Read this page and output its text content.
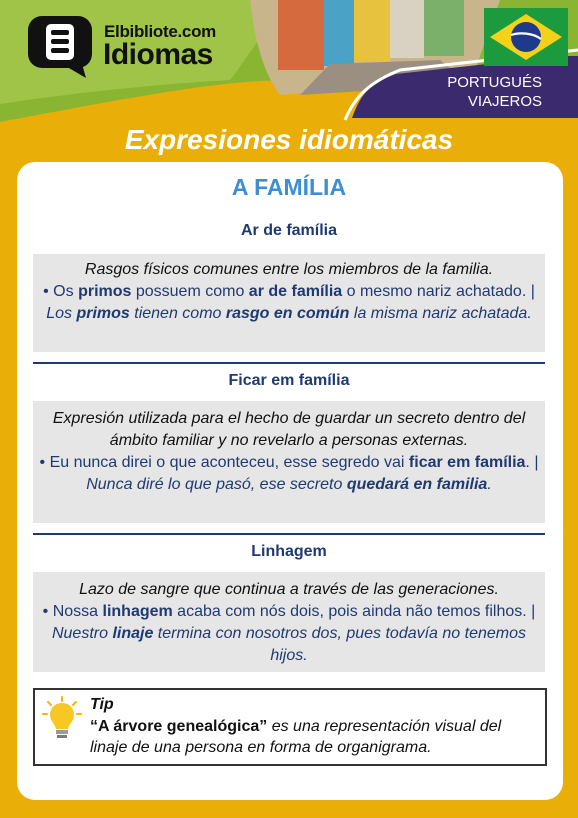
Elbibliote.com
Idiomas
PORTUGUÉS
VIAJEROS
Expresiones idiomáticas
A FAMÍLIA
Ar de família
Rasgos físicos comunes entre los miembros de la familia.
• Os primos possuem como ar de família o mesmo nariz achatado. | Los primos tienen como rasgo en común la misma nariz achatada.
Ficar em família
Expresión utilizada para el hecho de guardar un secreto dentro del ámbito familiar y no revelarlo a personas externas.
• Eu nunca direi o que aconteceu, esse segredo vai ficar em família. | Nunca diré lo que pasó, ese secreto quedará en familia.
Linhagem
Lazo de sangre que continua a través de las generaciones.
• Nossa linhagem acaba com nós dois, pois ainda não temos filhos. | Nuestro linaje termina con nosotros dos, pues todavía no tenemos hijos.
Tip
“A árvore genealógica” es una representación visual del linaje de una persona en forma de organigrama.
